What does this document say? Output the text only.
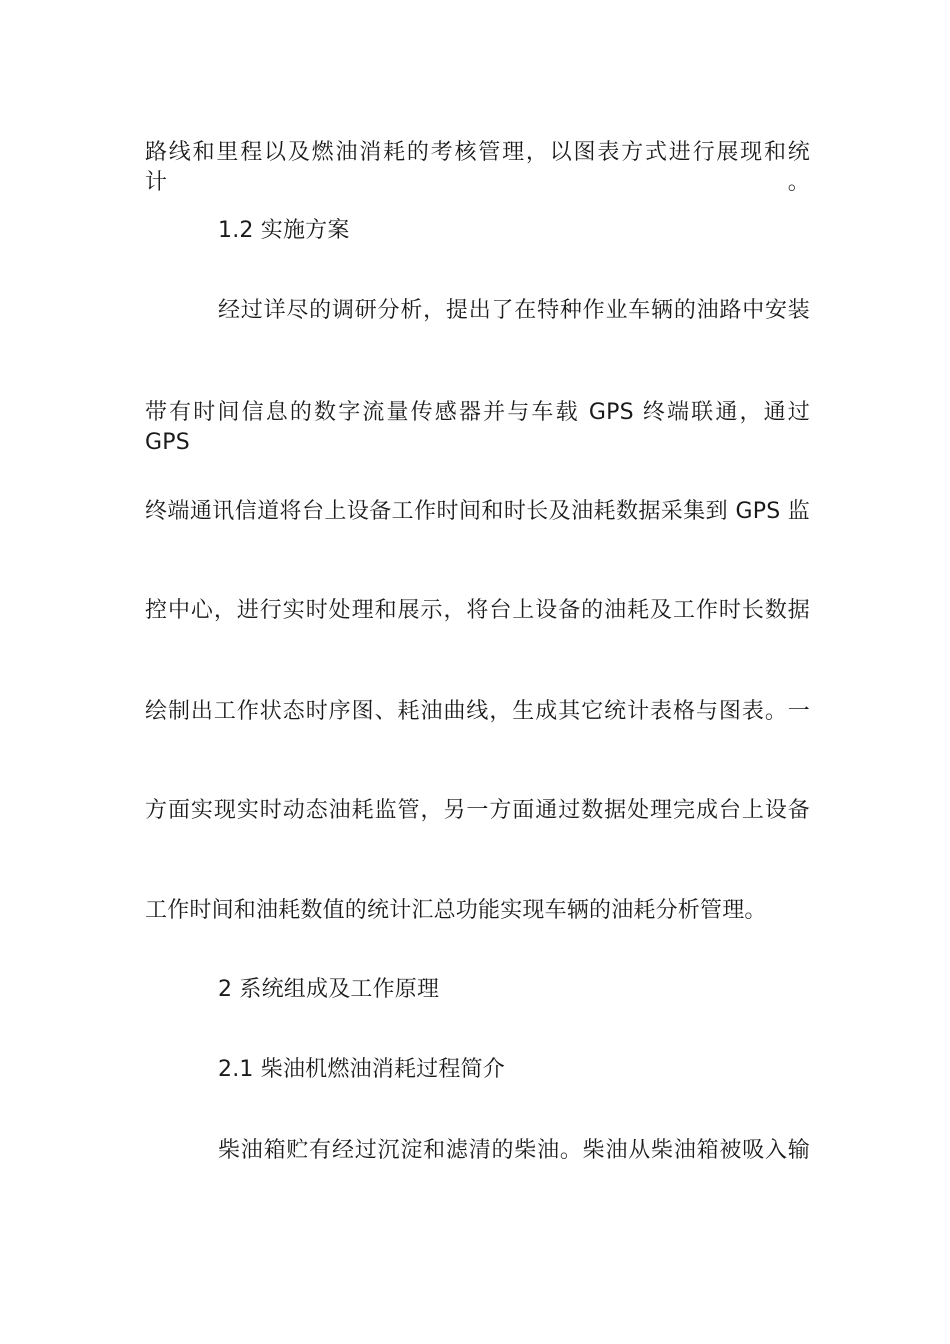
路线和里程以及燃油消耗的考核管理，以图表方式进行展现和统计。
1.2 实施方案
经过详尽的调研分析，提出了在特种作业车辆的油路中安装
带有时间信息的数字流量传感器并与车载 GPS 终端联通，通过 GPS
终端通讯信道将台上设备工作时间和时长及油耗数据采集到 GPS 监
控中心，进行实时处理和展示，将台上设备的油耗及工作时长数据
绘制出工作状态时序图、耗油曲线，生成其它统计表格与图表。一
方面实现实时动态油耗监管，另一方面通过数据处理完成台上设备
工作时间和油耗数值的统计汇总功能实现车辆的油耗分析管理。
2 系统组成及工作原理
2.1 柴油机燃油消耗过程简介
柴油箱贮有经过沉淀和滤清的柴油。柴油从柴油箱被吸入输
